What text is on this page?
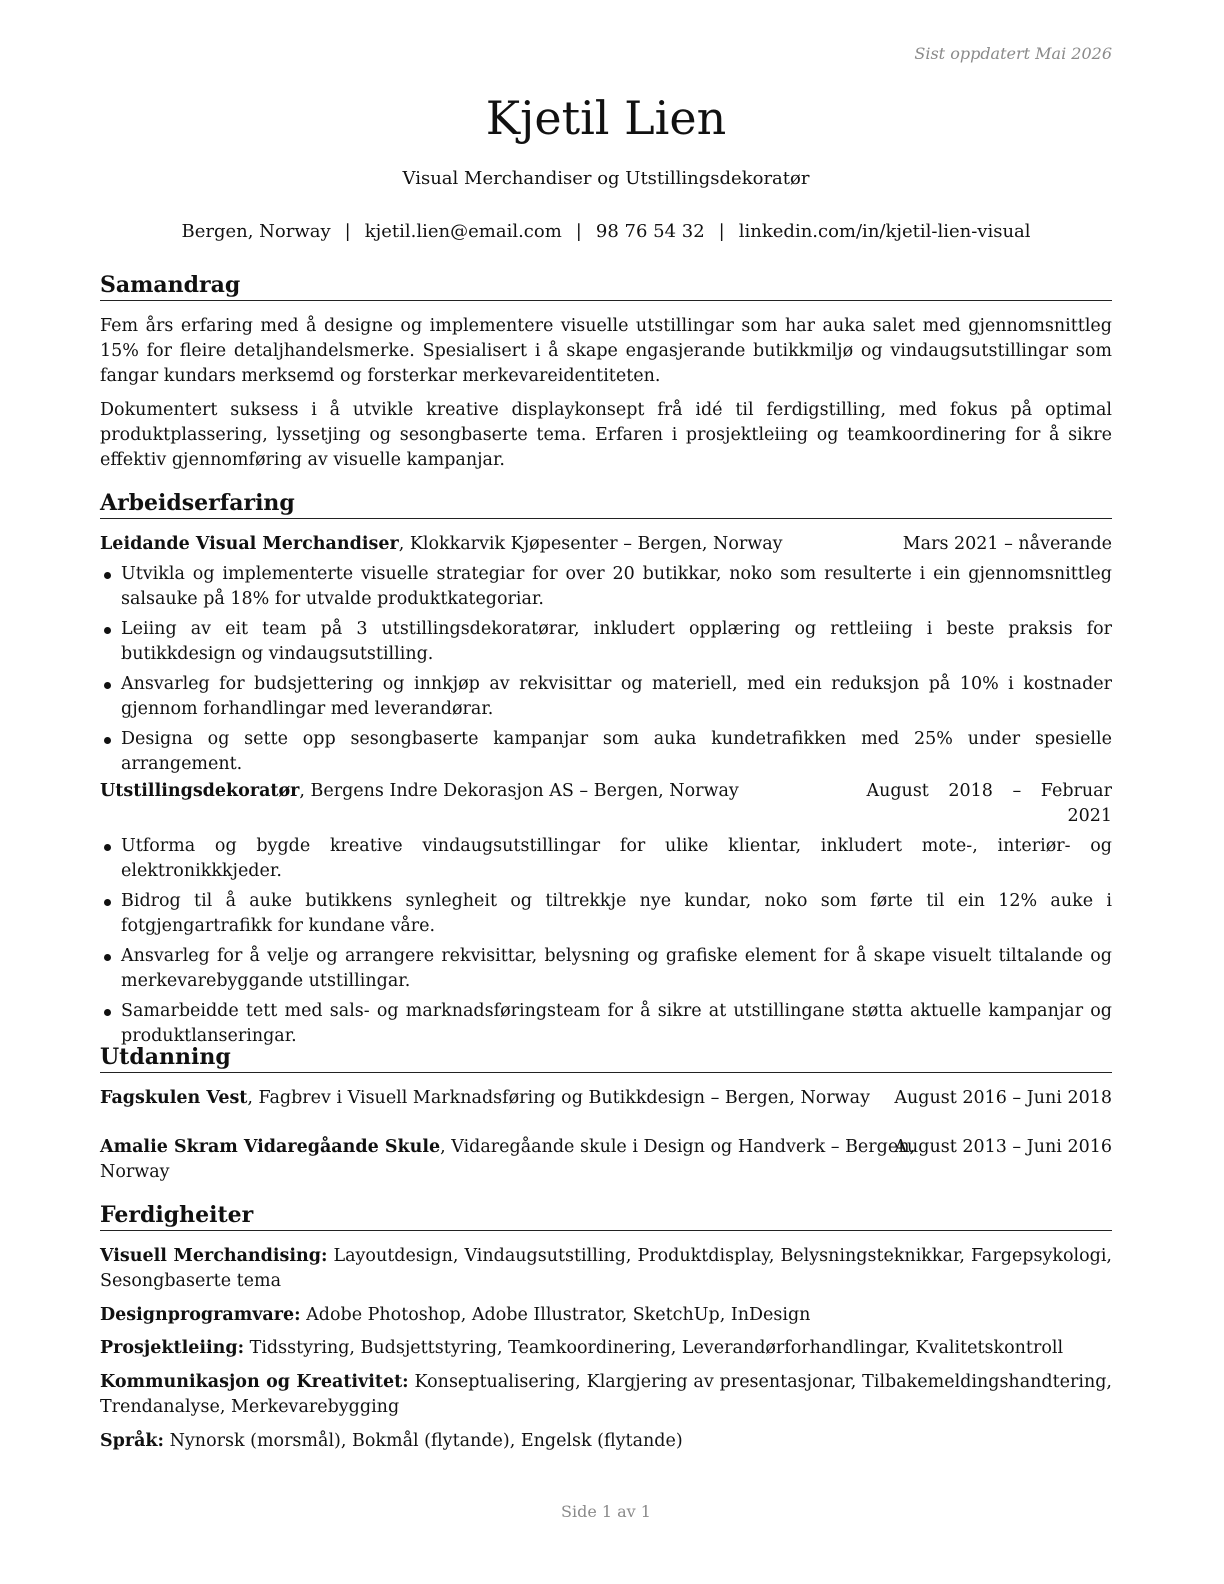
Sist oppdatert Mai 2026
Kjetil Lien
Visual Merchandiser og Utstillingsdekoratør
Bergen, Norway | kjetil.lien@email.com | 98 76 54 32 | linkedin.com/in/kjetil-lien-visual
Samandrag

Fem års erfaring med å designe og implementere visuelle utstillingar som har auka salet med gjennomsnittleg 15% for fleire detaljhandelsmerke. Spesialisert i å skape engasjerande butikkmiljø og vindaugsutstillingar som fangar kundars merksemd og forsterkar merkevareidentiteten.

Dokumentert suksess i å utvikle kreative displaykonsept frå idé til ferdigstilling, med fokus på optimal produktplassering, lyssetjing og sesongbaserte tema. Erfaren i prosjektleiing og teamkoordinering for å sikre effektiv gjennomføring av visuelle kampanjar.

Arbeidserfaring
Leidande Visual Merchandiser, Klokkarvik Kjøpesenter – Bergen, Norway	Mars 2021 – nåverande
Utvikla og implementerte visuelle strategiar for over 20 butikkar, noko som resulterte i ein gjennomsnittleg salsauke på 18% for utvalde produktkategoriar.
Leiing av eit team på 3 utstillingsdekoratørar, inkludert opplæring og rettleiing i beste praksis for butikkdesign og vindaugsutstilling.
Ansvarleg for budsjettering og innkjøp av rekvisittar og materiell, med ein reduksjon på 10% i kostnader gjennom forhandlingar med leverandørar.
Designa og sette opp sesongbaserte kampanjar som auka kundetrafikken med 25% under spesielle arrangement.
Utstillingsdekoratør, Bergens Indre Dekorasjon AS – Bergen, Norway	August 2018 – Februar
2021
Utforma og bygde kreative vindaugsutstillingar for ulike klientar, inkludert mote-, interiør- og elektronikkkjeder.
Bidrog til å auke butikkens synlegheit og tiltrekkje nye kundar, noko som førte til ein 12% auke i fotgjengartrafikk for kundane våre.
Ansvarleg for å velje og arrangere rekvisittar, belysning og grafiske element for å skape visuelt tiltalande og merkevarebyggande utstillingar.
Samarbeidde tett med sals- og marknadsføringsteam for å sikre at utstillingane støtta aktuelle kampanjar og produktlanseringar.
Utdanning
Fagskulen Vest, Fagbrev i Visuell Marknadsføring og Butikkdesign – Bergen, Norway August 2016 – Juni 2018
Amalie Skram Vidaregåande Skule, Vidaregåande skule i Design og Handverk – Bergen,
Norway
August 2013 – Juni 2016
Ferdigheiter

Visuell Merchandising: Layoutdesign, Vindaugsutstilling, Produktdisplay, Belysningsteknikkar, Fargepsykologi, Sesongbaserte tema

Designprogramvare: Adobe Photoshop, Adobe Illustrator, SketchUp, InDesign

Prosjektleiing: Tidsstyring, Budsjettstyring, Teamkoordinering, Leverandørforhandlingar, Kvalitetskontroll

Kommunikasjon og Kreativitet: Konseptualisering, Klargjering av presentasjonar, Tilbakemeldingshandtering, Trendanalyse, Merkevarebygging

Språk: Nynorsk (morsmål), Bokmål (flytande), Engelsk (flytande)

Side 1 av 1
